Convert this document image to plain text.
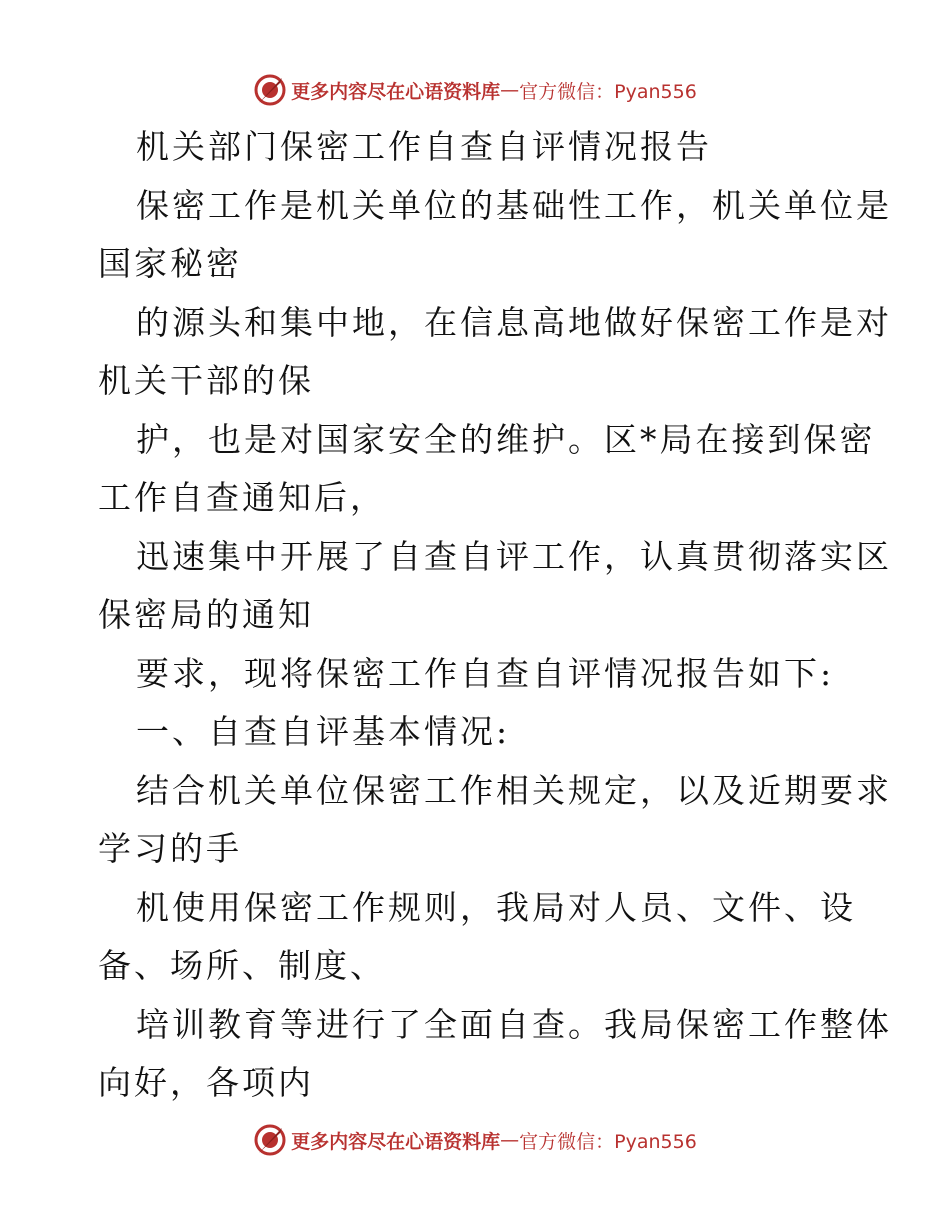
更多内容尽在心语资料库 — 官方微信：Pyan556
机关部门保密工作自查自评情况报告
保密工作是机关单位的基础性工作，机关单位是
国家秘密
的源头和集中地，在信息高地做好保密工作是对
机关干部的保
护，也是对国家安全的维护。区*局在接到保密
工作自查通知后，
迅速集中开展了自查自评工作，认真贯彻落实区
保密局的通知
要求，现将保密工作自查自评情况报告如下:
一、自查自评基本情况:
结合机关单位保密工作相关规定，以及近期要求
学习的手
机使用保密工作规则，我局对人员、文件、设
备、场所、制度、
培训教育等进行了全面自查。我局保密工作整体
向好，各项内
更多内容尽在心语资料库 — 官方微信：Pyan556
